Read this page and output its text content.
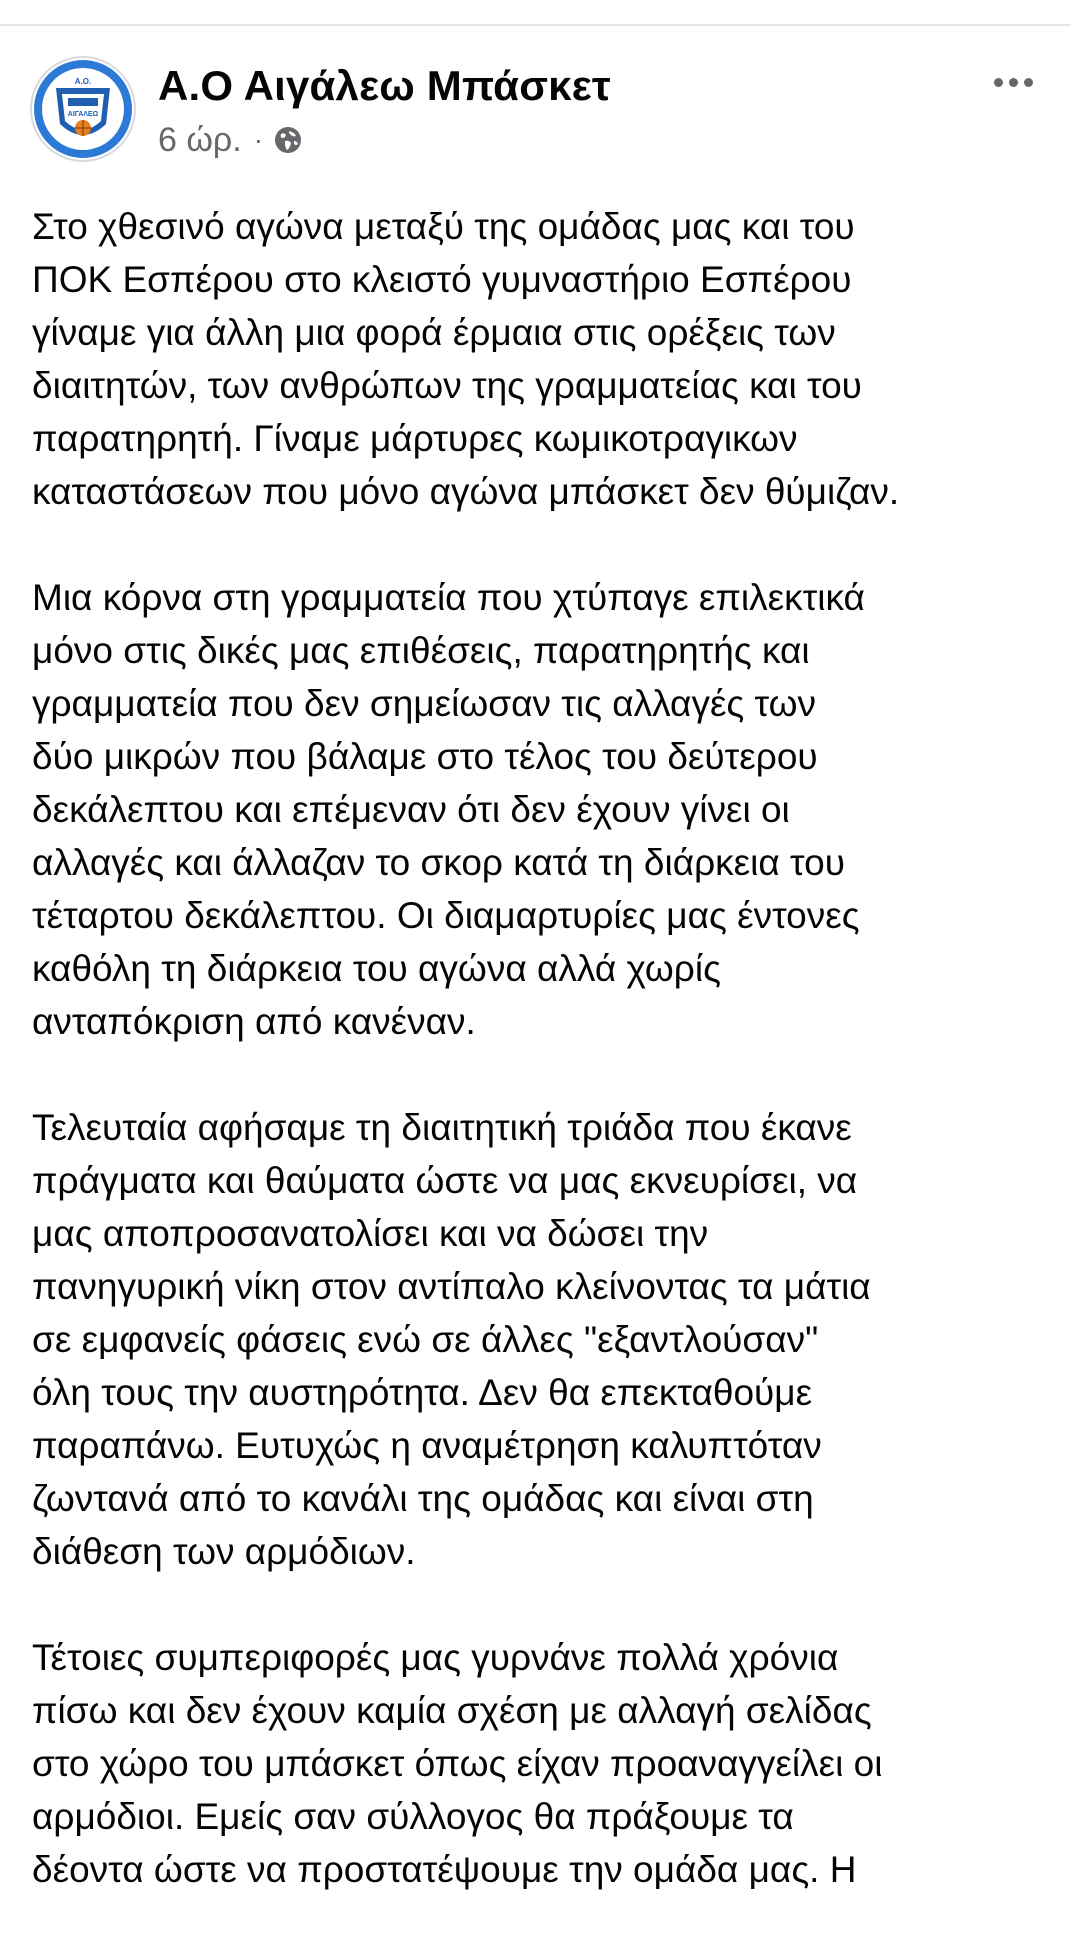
Α.Ο.
ΑΙΓΑΛΕΩ
Α.Ο Αιγάλεω Μπάσκετ
6 ώρ. ·
Στο χθεσινό αγώνα μεταξύ της ομάδας μας και του
ΠΟΚ Εσπέρου στο κλειστό γυμναστήριο Εσπέρου
γίναμε για άλλη μια φορά έρμαια στις ορέξεις των
διαιτητών, των ανθρώπων της γραμματείας και του
παρατηρητή. Γίναμε μάρτυρες κωμικοτραγικων
καταστάσεων που μόνο αγώνα μπάσκετ δεν θύμιζαν.
Μια κόρνα στη γραμματεία που χτύπαγε επιλεκτικά
μόνο στις δικές μας επιθέσεις, παρατηρητής και
γραμματεία που δεν σημείωσαν τις αλλαγές των
δύο μικρών που βάλαμε στο τέλος του δεύτερου
δεκάλεπτου και επέμεναν ότι δεν έχουν γίνει οι
αλλαγές και άλλαζαν το σκορ κατά τη διάρκεια του
τέταρτου δεκάλεπτου. Οι διαμαρτυρίες μας έντονες
καθόλη τη διάρκεια του αγώνα αλλά χωρίς
ανταπόκριση από κανέναν.
Τελευταία αφήσαμε τη διαιτητική τριάδα που έκανε
πράγματα και θαύματα ώστε να μας εκνευρίσει, να
μας αποπροσανατολίσει και να δώσει την
πανηγυρική νίκη στον αντίπαλο κλείνοντας τα μάτια
σε εμφανείς φάσεις ενώ σε άλλες "εξαντλούσαν"
όλη τους την αυστηρότητα. Δεν θα επεκταθούμε
παραπάνω. Ευτυχώς η αναμέτρηση καλυπτόταν
ζωντανά από το κανάλι της ομάδας και είναι στη
διάθεση των αρμόδιων.
Τέτοιες συμπεριφορές μας γυρνάνε πολλά χρόνια
πίσω και δεν έχουν καμία σχέση με αλλαγή σελίδας
στο χώρο του μπάσκετ όπως είχαν προαναγγείλει οι
αρμόδιοι. Εμείς σαν σύλλογος θα πράξουμε τα
δέοντα ώστε να προστατέψουμε την ομάδα μας. Η
